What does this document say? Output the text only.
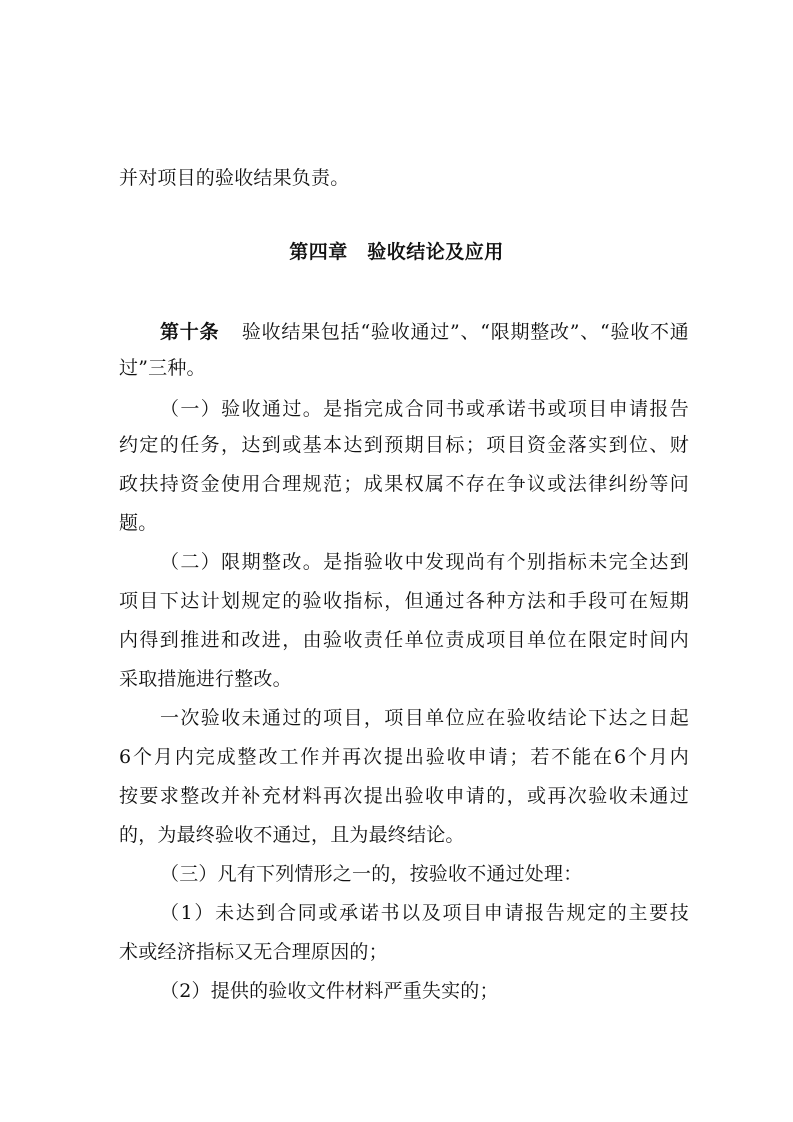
并对项目的验收结果负责。
第四章　验收结论及应用
第十条 验收结果包括“验收通过”、“限期整改”、“验收不通
过”三种。
（一）验收通过。是指完成合同书或承诺书或项目申请报告
约定的任务，达到或基本达到预期目标；项目资金落实到位、财
政扶持资金使用合理规范；成果权属不存在争议或法律纠纷等问
题。
（二）限期整改。是指验收中发现尚有个别指标未完全达到
项目下达计划规定的验收指标，但通过各种方法和手段可在短期
内得到推进和改进，由验收责任单位责成项目单位在限定时间内
采取措施进行整改。
一次验收未通过的项目，项目单位应在验收结论下达之日起
6个月内完成整改工作并再次提出验收申请；若不能在6个月内
按要求整改并补充材料再次提出验收申请的，或再次验收未通过
的，为最终验收不通过，且为最终结论。
（三）凡有下列情形之一的，按验收不通过处理：
（1）未达到合同或承诺书以及项目申请报告规定的主要技
术或经济指标又无合理原因的；
（2）提供的验收文件材料严重失实的；
